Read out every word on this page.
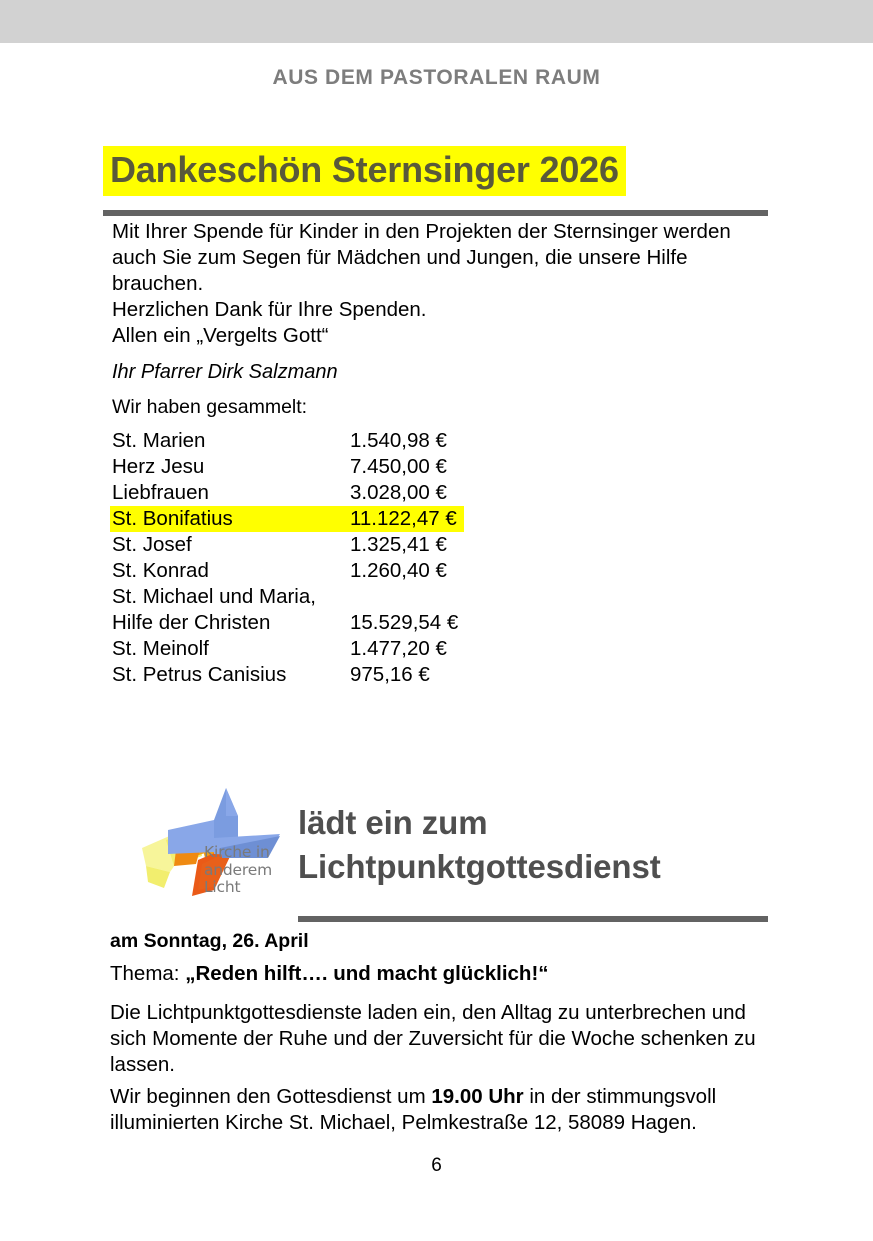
AUS DEM PASTORALEN RAUM
Dankeschön Sternsinger 2026
Mit Ihrer Spende für Kinder in den Projekten der Sternsinger werden auch Sie zum Segen für Mädchen und Jungen, die unsere Hilfe brauchen.
Herzlichen Dank für Ihre Spenden.
Allen ein „Vergelts Gott“
Ihr Pfarrer Dirk Salzmann
Wir haben gesammelt:
St. Marien	1.540,98 €
Herz Jesu	7.450,00 €
Liebfrauen	3.028,00 €
St. Bonifatius	11.122,47 €
St. Josef	1.325,41 €
St. Konrad	1.260,40 €
St. Michael und Maria,	
Hilfe der Christen	15.529,54 €
St. Meinolf	1.477,20 €
St. Petrus Canisius	975,16 €
Kirche in
anderem
Licht
lädt ein zum
Lichtpunktgottesdienst
am Sonntag, 26. April
Thema: „Reden hilft…. und macht glücklich!“
Die Lichtpunktgottesdienste laden ein, den Alltag zu unterbrechen und sich Momente der Ruhe und der Zuversicht für die Woche schenken zu lassen.
Wir beginnen den Gottesdienst um 19.00 Uhr in der stimmungsvoll illuminierten Kirche St. Michael, Pelmkestraße 12, 58089 Hagen.
6
